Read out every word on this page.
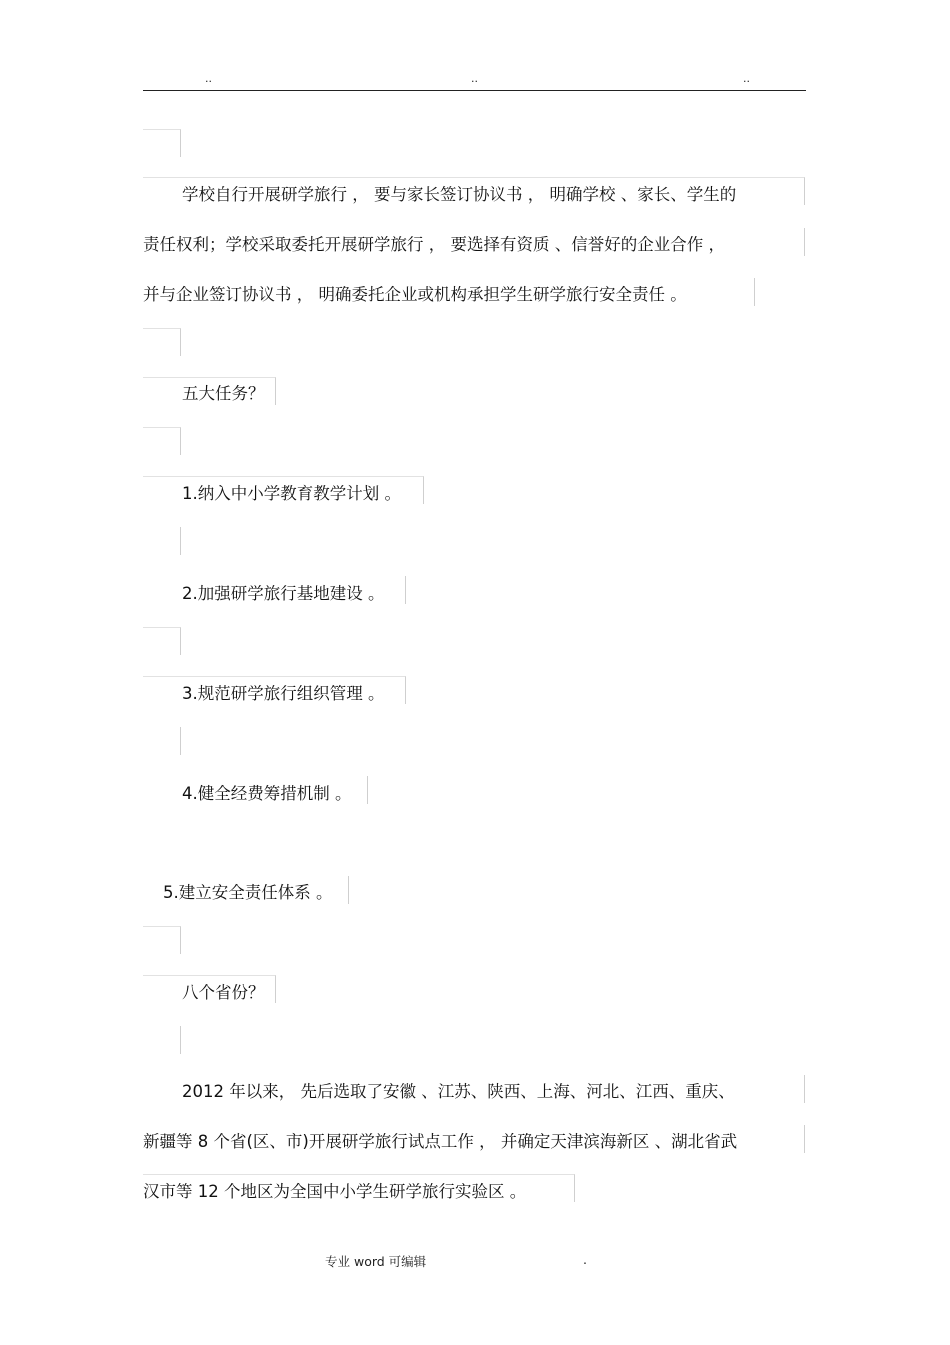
..	..	..
学校自行开展研学旅行 ， 要与家长签订协议书 ， 明确学校 、家长、学生的
责任权利；学校采取委托开展研学旅行 ， 要选择有资质 、信誉好的企业合作 ，
并与企业签订协议书 ， 明确委托企业或机构承担学生研学旅行安全责任 。
五大任务？
1.纳入中小学教育教学计划 。
2.加强研学旅行基地建设 。
3.规范研学旅行组织管理 。
4.健全经费筹措机制 。
5.建立安全责任体系 。
八个省份？
2012 年以来， 先后选取了安徽 、江苏、陕西、上海、河北、江西、重庆、
新疆等 8 个省(区、市)开展研学旅行试点工作 ， 并确定天津滨海新区 、湖北省武
汉市等 12 个地区为全国中小学生研学旅行实验区 。
专业 word 可编辑	.
